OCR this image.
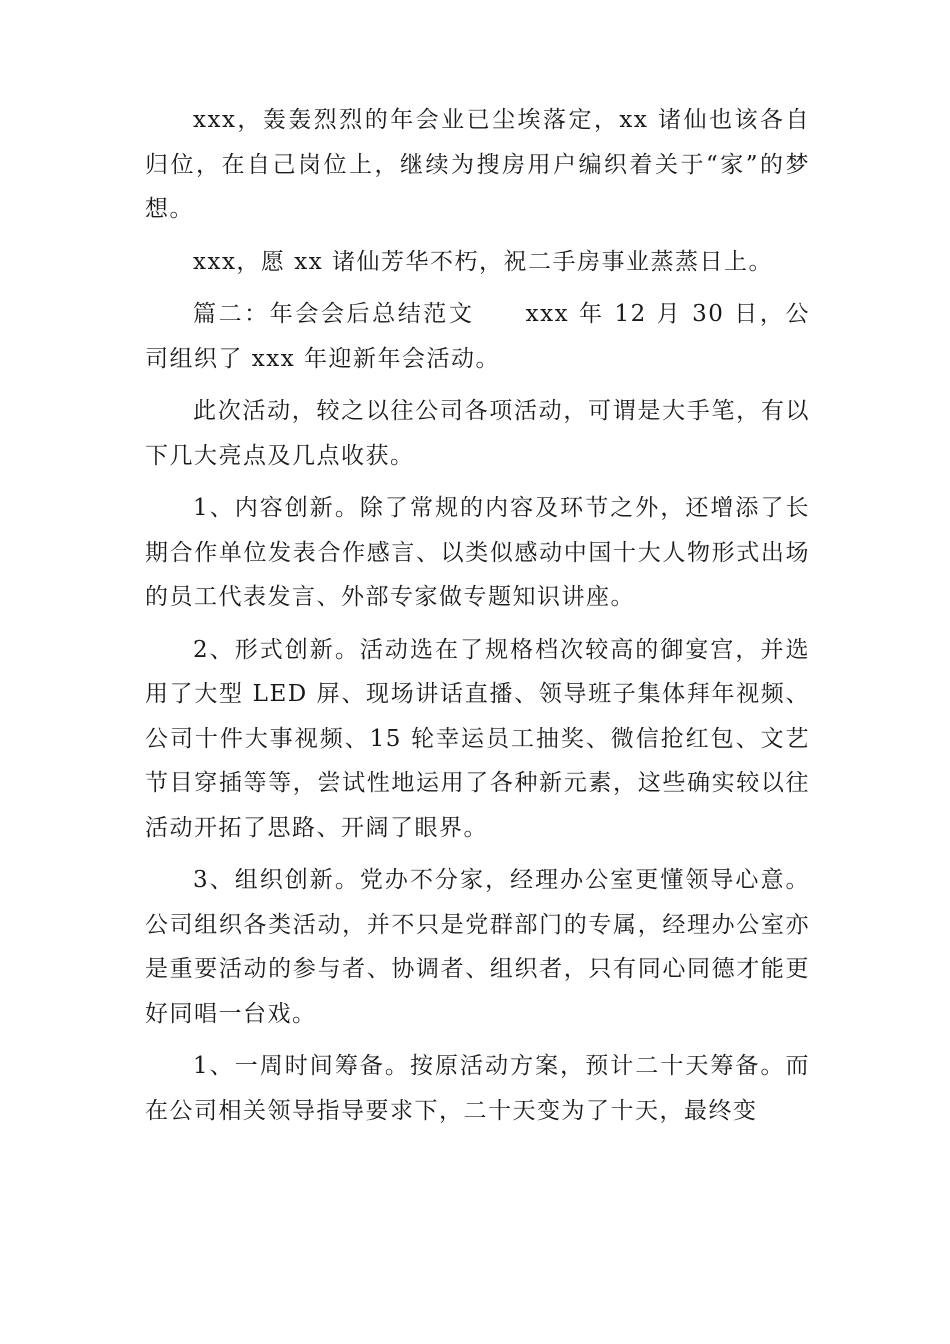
xxx，轰轰烈烈的年会业已尘埃落定，xx 诸仙也该各自归位，在自己岗位上，继续为搜房用户编织着关于“家”的梦想。

xxx，愿 xx 诸仙芳华不朽，祝二手房事业蒸蒸日上。

篇二：年会会后总结范文　　xxx 年 12 月 30 日，公司组织了 xxx 年迎新年会活动。

此次活动，较之以往公司各项活动，可谓是大手笔，有以下几大亮点及几点收获。

1、内容创新。除了常规的内容及环节之外，还增添了长期合作单位发表合作感言、以类似感动中国十大人物形式出场的员工代表发言、外部专家做专题知识讲座。

2、形式创新。活动选在了规格档次较高的御宴宫，并选用了大型 LED 屏、现场讲话直播、领导班子集体拜年视频、公司十件大事视频、15 轮幸运员工抽奖、微信抢红包、文艺节目穿插等等，尝试性地运用了各种新元素，这些确实较以往活动开拓了思路、开阔了眼界。

3、组织创新。党办不分家，经理办公室更懂领导心意。公司组织各类活动，并不只是党群部门的专属，经理办公室亦是重要活动的参与者、协调者、组织者，只有同心同德才能更好同唱一台戏。

1、一周时间筹备。按原活动方案，预计二十天筹备。而在公司相关领导指导要求下，二十天变为了十天，最终变
